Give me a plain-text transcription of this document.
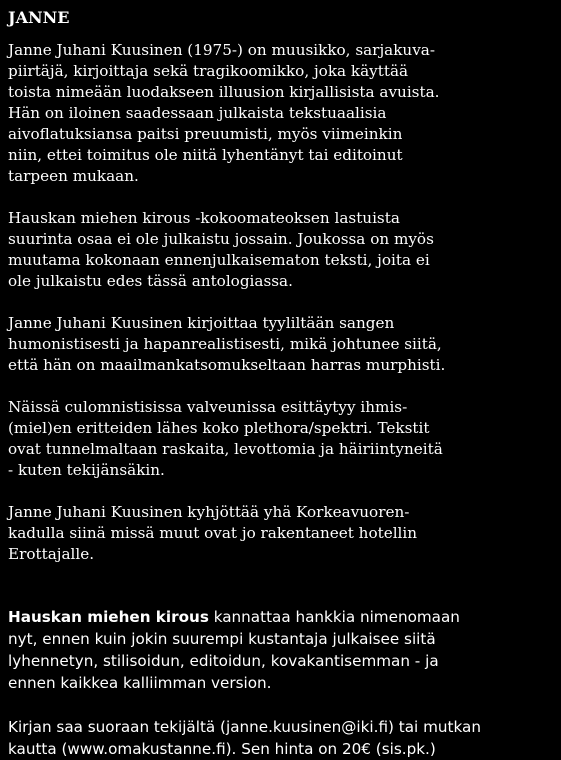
JANNE
Janne Juhani Kuusinen (1975-) on muusikko, sarjakuva-
piirtäjä, kirjoittaja sekä tragikoomikko, joka käyttää
toista nimeään luodakseen illuusion kirjallisista avuista.
Hän on iloinen saadessaan julkaista tekstuaalisia
aivoflatuksiansa paitsi preuumisti, myös viimeinkin
niin, ettei toimitus ole niitä lyhentänyt tai editoinut
tarpeen mukaan.
Hauskan miehen kirous -kokoomateoksen lastuista
suurinta osaa ei ole julkaistu jossain. Joukossa on myös
muutama kokonaan ennenjulkaisematon teksti, joita ei
ole julkaistu edes tässä antologiassa.
Janne Juhani Kuusinen kirjoittaa tyyliltään sangen
humonistisesti ja hapanrealistisesti, mikä johtunee siitä,
että hän on maailmankatsomukseltaan harras murphisti.
Näissä culomnistisissa valveunissa esittäytyy ihmis-
(miel)en eritteiden lähes koko plethora/spektri. Tekstit
ovat tunnelmaltaan raskaita, levottomia ja häiriintyneitä
- kuten tekijänsäkin.
Janne Juhani Kuusinen kyhjöttää yhä Korkeavuoren-
kadulla siinä missä muut ovat jo rakentaneet hotellin
Erottajalle.
Hauskan miehen kirous kannattaa hankkia nimenomaan
nyt, ennen kuin jokin suurempi kustantaja julkaisee siitä
lyhennetyn, stilisoidun, editoidun, kovakantisemman - ja
ennen kaikkea kalliimman version.
Kirjan saa suoraan tekijältä (janne.kuusinen@iki.fi) tai mutkan
kautta (www.omakustanne.fi). Sen hinta on 20€ (sis.pk.)
